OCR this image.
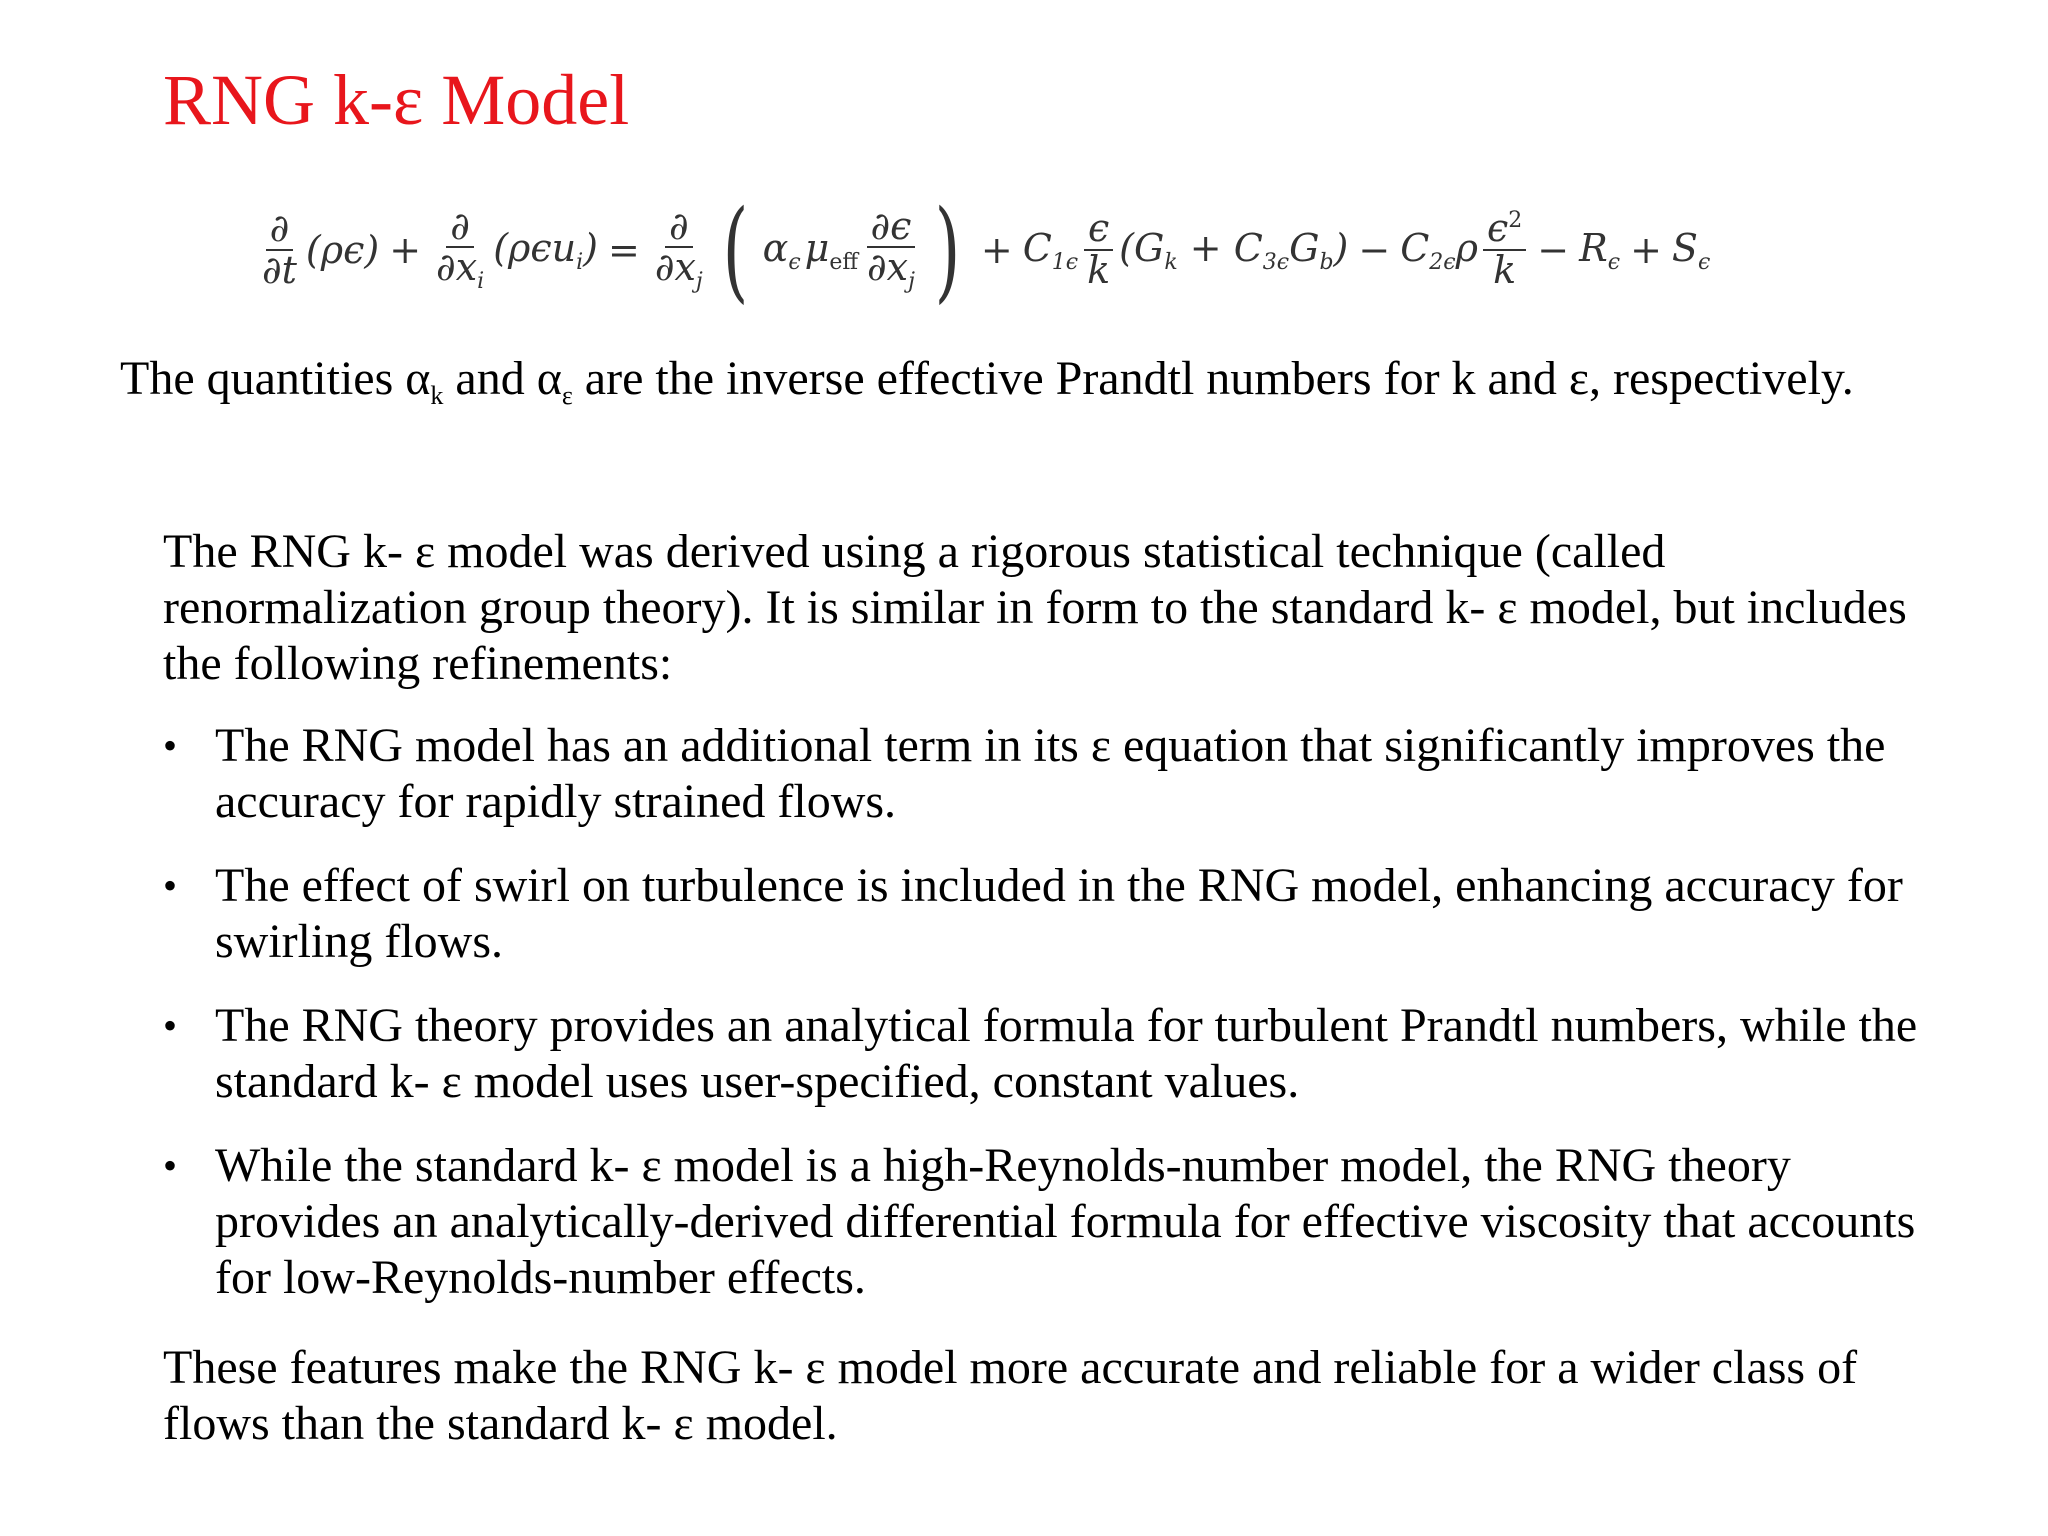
RNG k-ε Model
$\frac{\partial}{\partial t} (\rho\epsilon) + \frac{\partial}{\partial x_i} (\rho\epsilon u_i) = \frac{\partial}{\partial x_j}$ ( $\alpha_\epsilon$ $\mu_{eff} \frac{\partial\epsilon}{\partial x_j}$ ) + $C_{1\epsilon} \frac{\epsilon}{k} (G_k + C_{3\epsilon}G_b) - C_{2\epsilon}\rho \frac{\epsilon^2}{k} - R_\epsilon + S_\epsilon$
The quantities $\alpha_k$ and $\alpha_\varepsilon$ are the inverse effective Prandtl numbers for k and ε, respectively.
The RNG k- ε model was derived using a rigorous statistical technique (called renormalization group theory). It is similar in form to the standard k- ε model, but includes the following refinements:
• The RNG model has an additional term in its ε equation that significantly improves the accuracy for rapidly strained flows.
• The effect of swirl on turbulence is included in the RNG model, enhancing accuracy for swirling flows.
• The RNG theory provides an analytical formula for turbulent Prandtl numbers, while the standard k- ε model uses user-specified, constant values.
• While the standard k- ε model is a high-Reynolds-number model, the RNG theory provides an analytically-derived differential formula for effective viscosity that accounts for low-Reynolds-number effects.
These features make the RNG k- ε model more accurate and reliable for a wider class of flows than the standard k- ε model.
